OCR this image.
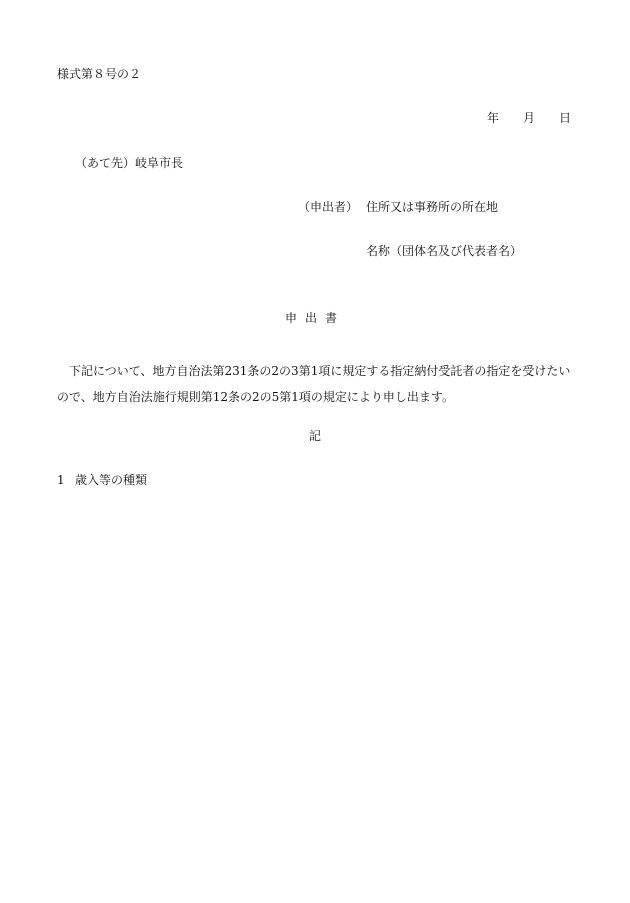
様式第８号の２
年 月 日
（あて先）岐阜市長
（申出者） 住所又は事務所の所在地
名称（団体名及び代表者名）
申出書
下記について、地方自治法第231条の2の3第1項に規定する指定納付受託者の指定を受けたいので、地方自治法施行規則第12条の2の5第1項の規定により申し出ます。
記
1 歳入等の種類
